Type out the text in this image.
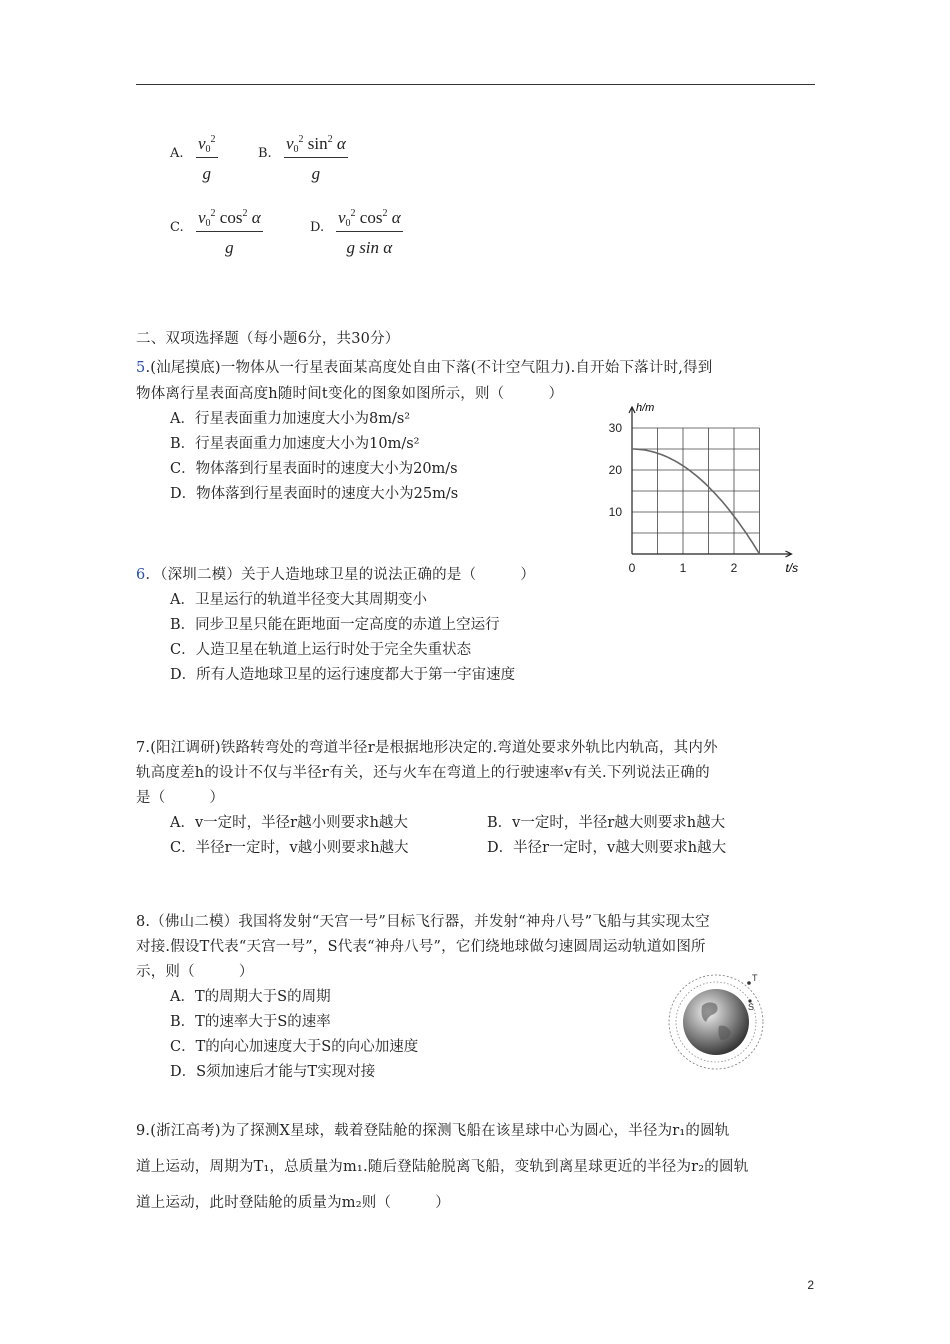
A. $\frac{v_0^2}{g}$	B. $\frac{v_0^2 \sin^2 \alpha}{g}$
C. $\frac{v_0^2 \cos^2 \alpha}{g}$	D. $\frac{v_0^2 \cos^2 \alpha}{\text{g sin α}}$
二、双项选择题（每小题6分，共30分）
5.(汕尾摸底)一物体从一行星表面某高度处自由下落(不计空气阻力).自开始下落计时,得到
物体离行星表面高度h随时间t变化的图象如图所示，则（　　　）
A．行星表面重力加速度大小为8m/s²
B．行星表面重力加速度大小为10m/s²
C．物体落到行星表面时的速度大小为20m/s
D．物体落到行星表面时的速度大小为25m/s
10
20
30
0	1	2	t/s
h/m
6．（深圳二模）关于人造地球卫星的说法正确的是（　　　）
A．卫星运行的轨道半径变大其周期变小
B．同步卫星只能在距地面一定高度的赤道上空运行
C．人造卫星在轨道上运行时处于完全失重状态
D．所有人造地球卫星的运行速度都大于第一宇宙速度
7.(阳江调研)铁路转弯处的弯道半径r是根据地形决定的.弯道处要求外轨比内轨高，其内外
轨高度差h的设计不仅与半径r有关，还与火车在弯道上的行驶速率v有关.下列说法正确的
是（　　　）
A．v一定时，半径r越小则要求h越大	B．v一定时，半径r越大则要求h越大
C．半径r一定时，v越小则要求h越大	D．半径r一定时，v越大则要求h越大
8.（佛山二模）我国将发射“天宫一号”目标飞行器，并发射“神舟八号”飞船与其实现太空
对接.假设T代表“天宫一号”，S代表“神舟八号”，它们绕地球做匀速圆周运动轨道如图所
示，则（　　　）
A．T的周期大于S的周期
B．T的速率大于S的速率
C．T的向心加速度大于S的向心加速度
D．S须加速后才能与T实现对接
T
S
9.(浙江高考)为了探测X星球，载着登陆舱的探测飞船在该星球中心为圆心，半径为r₁的圆轨
道上运动，周期为T₁，总质量为m₁.随后登陆舱脱离飞船，变轨到离星球更近的半径为r₂的圆轨
道上运动，此时登陆舱的质量为m₂则（　　　）
2
